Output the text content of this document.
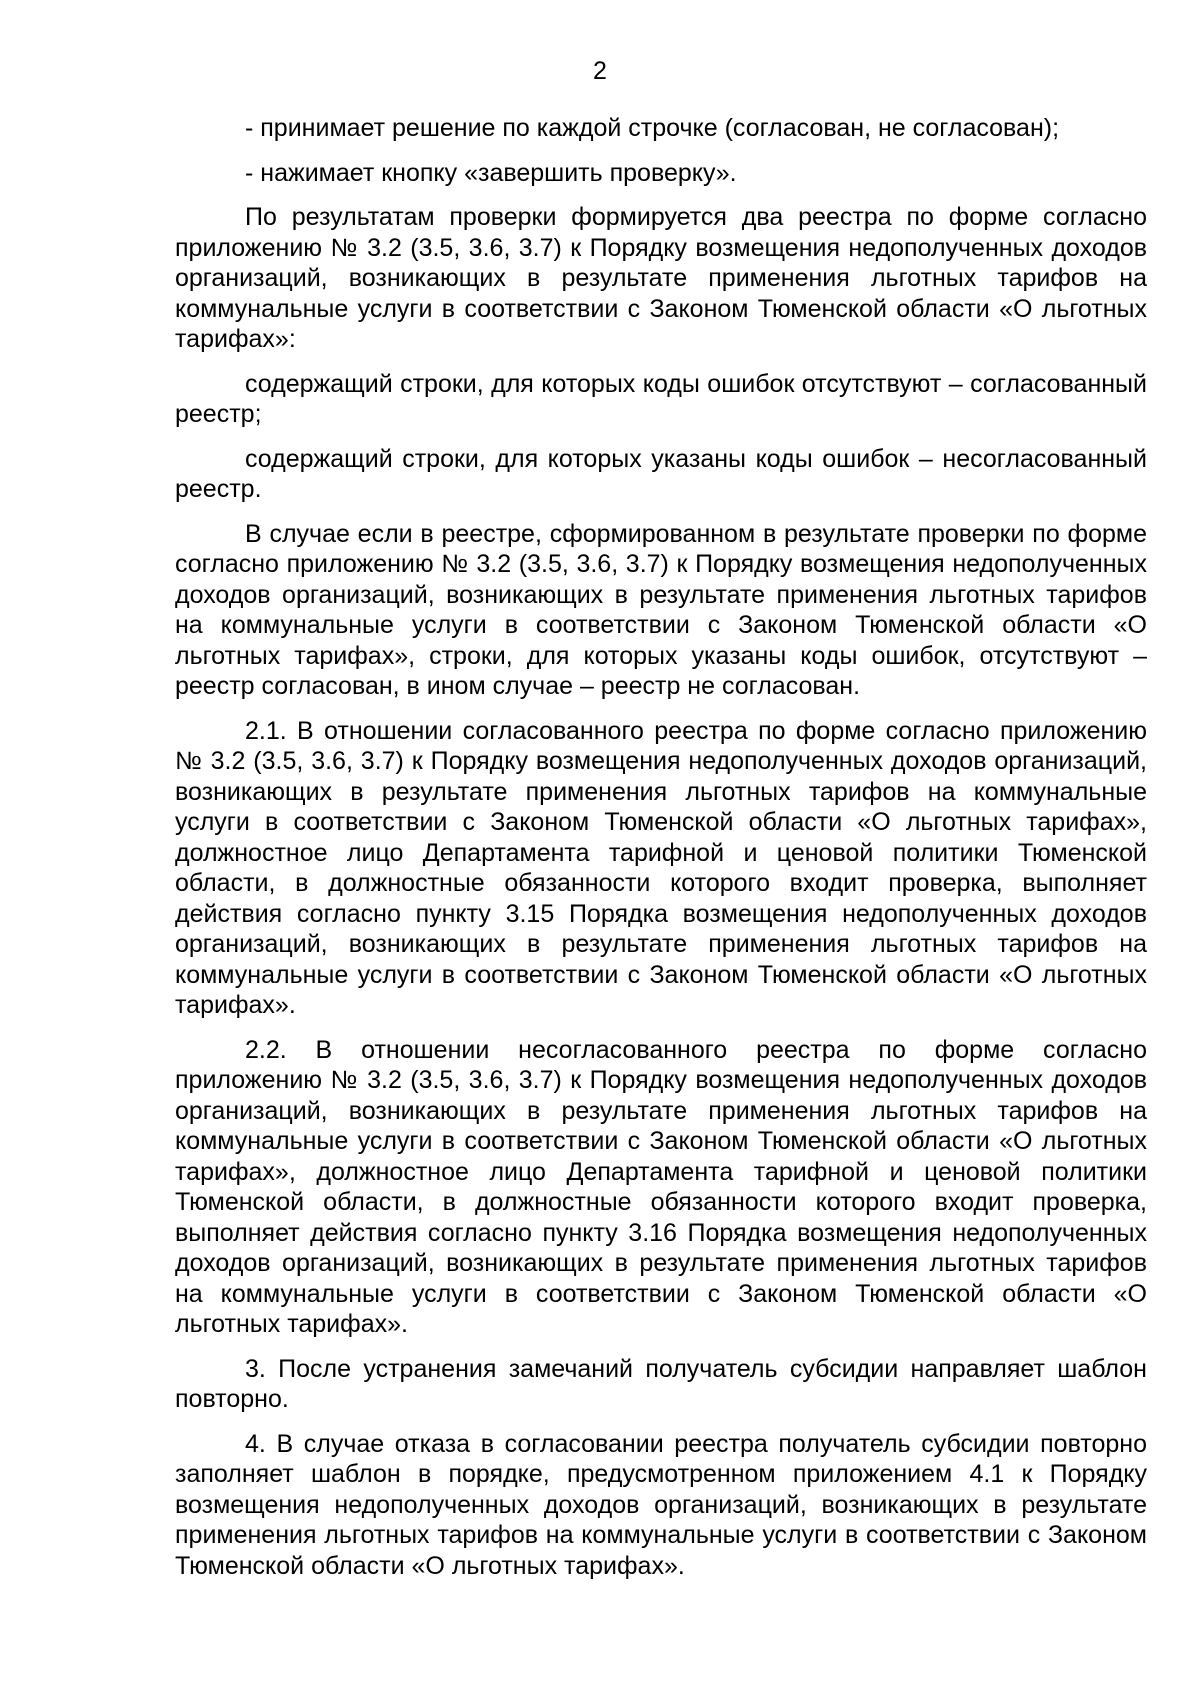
2

- принимает решение по каждой строчке (согласован, не согласован);

- нажимает кнопку «завершить проверку».

По результатам проверки формируется два реестра по форме согласно приложению № 3.2 (3.5, 3.6, 3.7) к Порядку возмещения недополученных доходов организаций, возникающих в результате применения льготных тарифов на коммунальные услуги в соответствии с Законом Тюменской области «О льготных тарифах»:

содержащий строки, для которых коды ошибок отсутствуют – согласованный реестр;

содержащий строки, для которых указаны коды ошибок – несогласованный реестр.

В случае если в реестре, сформированном в результате проверки по форме согласно приложению № 3.2 (3.5, 3.6, 3.7) к Порядку возмещения недополученных доходов организаций, возникающих в результате применения льготных тарифов на коммунальные услуги в соответствии с Законом Тюменской области «О льготных тарифах», строки, для которых указаны коды ошибок, отсутствуют – реестр согласован, в ином случае – реестр не согласован.

2.1. В отношении согласованного реестра по форме согласно приложению № 3.2 (3.5, 3.6, 3.7) к Порядку возмещения недополученных доходов организаций, возникающих в результате применения льготных тарифов на коммунальные услуги в соответствии с Законом Тюменской области «О льготных тарифах», должностное лицо Департамента тарифной и ценовой политики Тюменской области, в должностные обязанности которого входит проверка, выполняет действия согласно пункту 3.15 Порядка возмещения недополученных доходов организаций, возникающих в результате применения льготных тарифов на коммунальные услуги в соответствии с Законом Тюменской области «О льготных тарифах».

2.2. В отношении несогласованного реестра по форме согласно приложению № 3.2 (3.5, 3.6, 3.7) к Порядку возмещения недополученных доходов организаций, возникающих в результате применения льготных тарифов на коммунальные услуги в соответствии с Законом Тюменской области «О льготных тарифах», должностное лицо Департамента тарифной и ценовой политики Тюменской области, в должностные обязанности которого входит проверка, выполняет действия согласно пункту 3.16 Порядка возмещения недополученных доходов организаций, возникающих в результате применения льготных тарифов на коммунальные услуги в соответствии с Законом Тюменской области «О льготных тарифах».

3. После устранения замечаний получатель субсидии направляет шаблон повторно.

4. В случае отказа в согласовании реестра получатель субсидии повторно заполняет шаблон в порядке, предусмотренном приложением 4.1 к Порядку возмещения недополученных доходов организаций, возникающих в результате применения льготных тарифов на коммунальные услуги в соответствии с Законом Тюменской области «О льготных тарифах».
